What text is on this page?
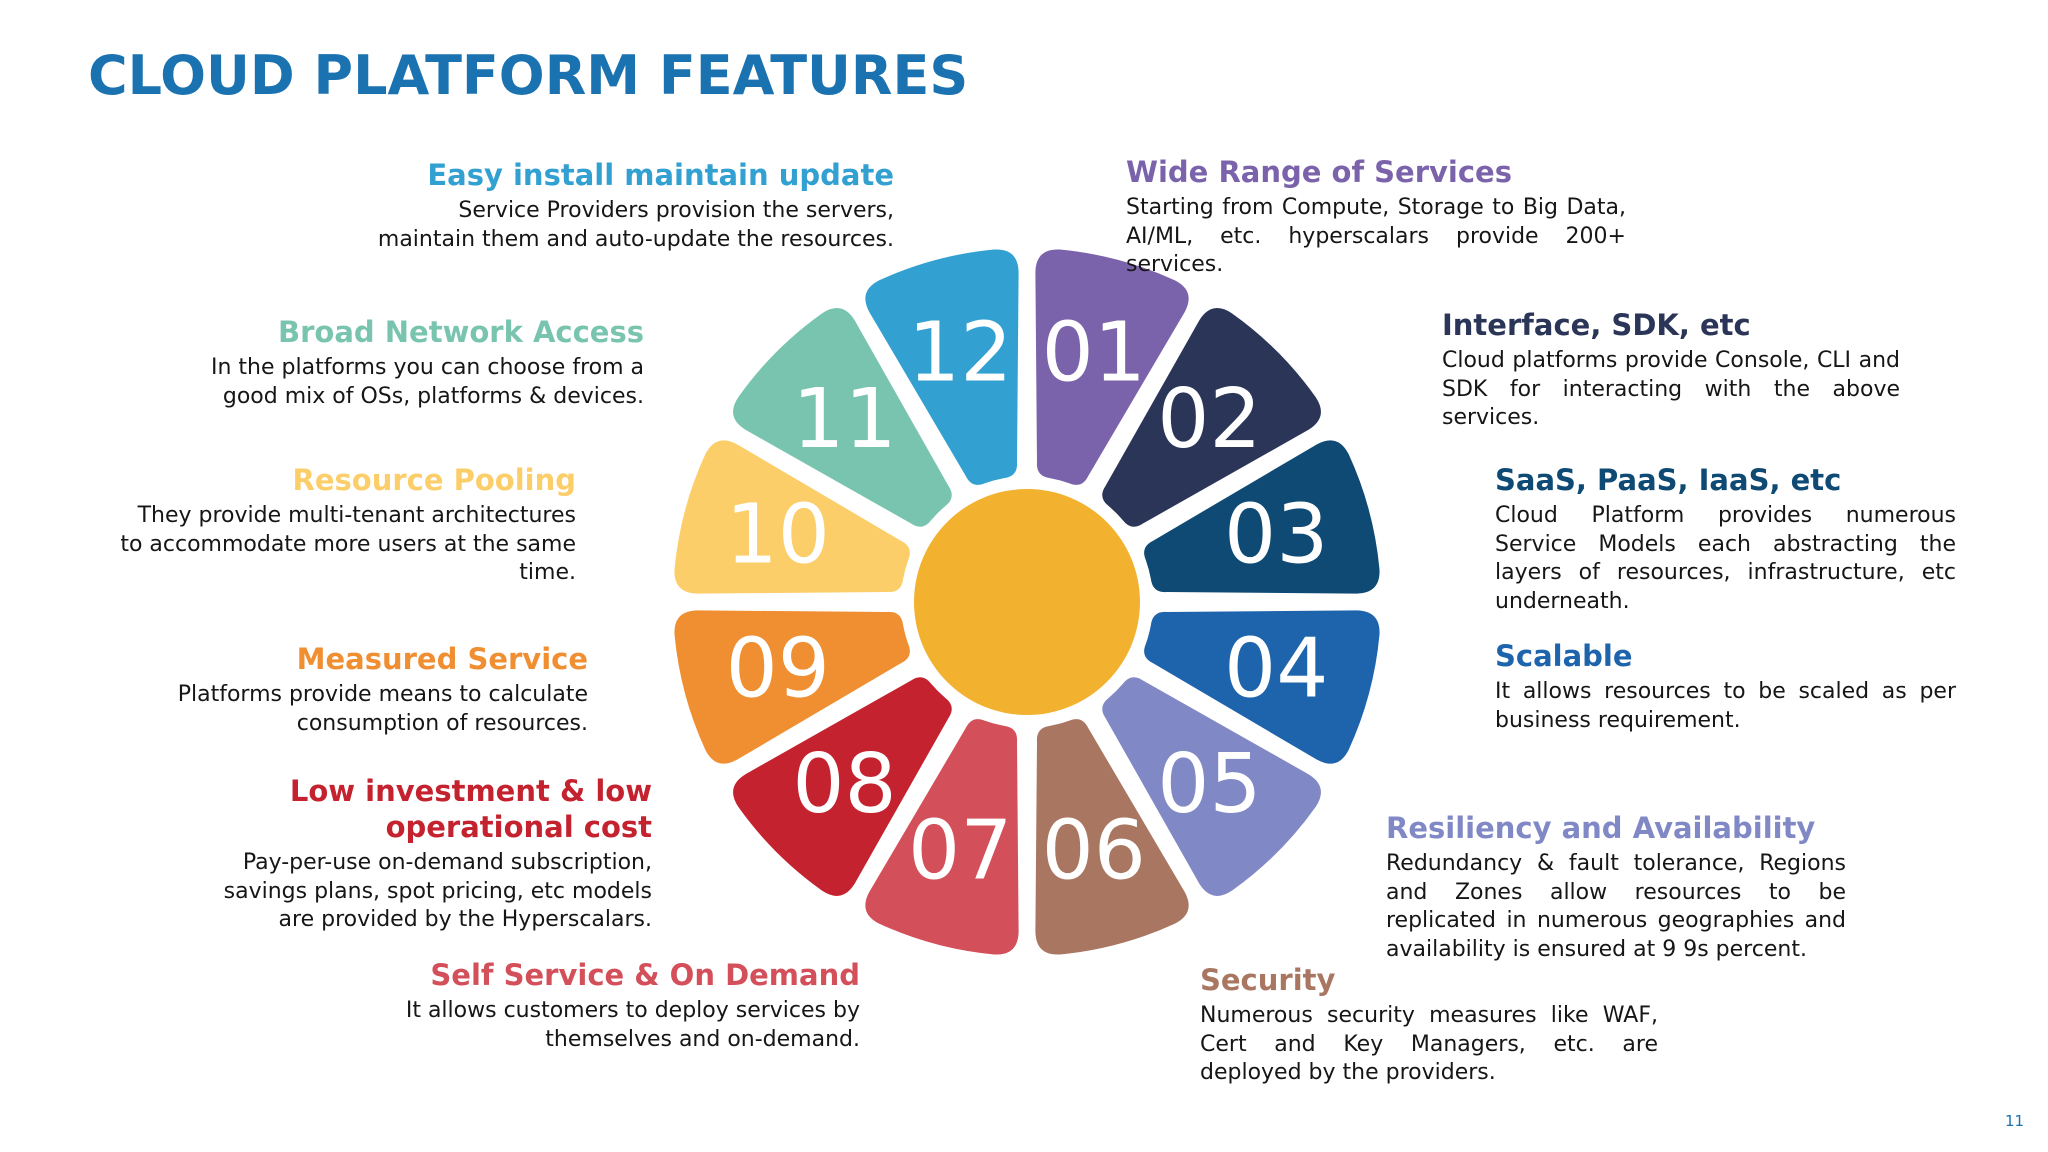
CLOUD PLATFORM FEATURES
01
02
03
04
05
06
07
08
09
10
11
12
Wide Range of Services
Starting from Compute, Storage to Big Data, AI/ML, etc. hyperscalars provide 200+ services.
Interface, SDK, etc
Cloud platforms provide Console, CLI and SDK for interacting with the above services.
SaaS, PaaS, IaaS, etc
Cloud Platform provides numerous Service Models each abstracting the layers of resources, infrastructure, etc underneath.
Scalable
It allows resources to be scaled as per business requirement.
Resiliency and Availability
Redundancy & fault tolerance, Regions and Zones allow resources to be replicated in numerous geographies and availability is ensured at 9 9s percent.
Security
Numerous security measures like WAF, Cert and Key Managers, etc. are deployed by the providers.
Self Service & On Demand
It allows customers to deploy services by themselves and on-demand.
Low investment & low operational cost
Pay-per-use on-demand subscription, savings plans, spot pricing, etc models are provided by the Hyperscalars.
Measured Service
Platforms provide means to calculate consumption of resources.
Resource Pooling
They provide multi-tenant architectures to accommodate more users at the same time.
Broad Network Access
In the platforms you can choose from a good mix of OSs, platforms & devices.
Easy install maintain update
Service Providers provision the servers, maintain them and auto-update the resources.
11
